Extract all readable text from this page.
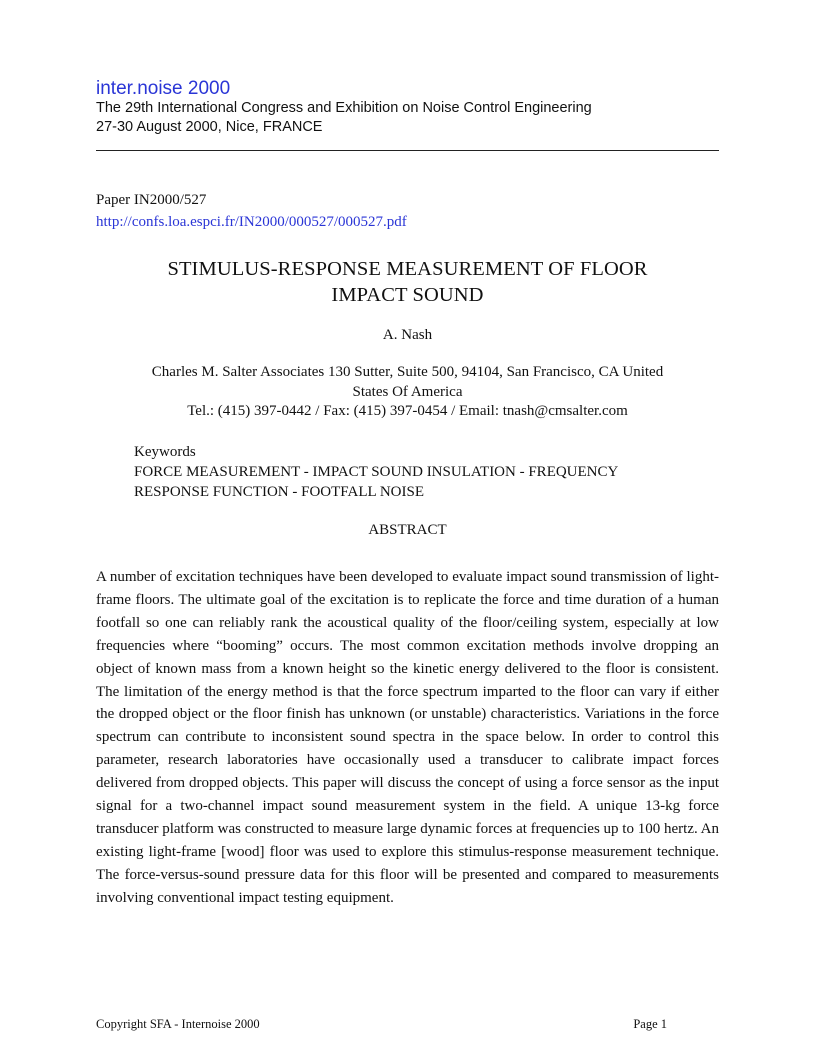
inter.noise 2000
The 29th International Congress and Exhibition on Noise Control Engineering
27-30 August 2000, Nice, FRANCE
Paper IN2000/527
http://confs.loa.espci.fr/IN2000/000527/000527.pdf
STIMULUS-RESPONSE MEASUREMENT OF FLOOR
IMPACT SOUND
A. Nash
Charles M. Salter Associates 130 Sutter, Suite 500, 94104, San Francisco, CA United
States Of America
Tel.: (415) 397-0442 / Fax: (415) 397-0454 / Email: tnash@cmsalter.com
Keywords
FORCE MEASUREMENT - IMPACT SOUND INSULATION - FREQUENCY
RESPONSE FUNCTION - FOOTFALL NOISE
ABSTRACT
A number of excitation techniques have been developed to evaluate impact sound transmission of light-frame floors. The ultimate goal of the excitation is to replicate the force and time duration of a human footfall so one can reliably rank the acoustical quality of the floor/ceiling system, especially at low frequencies where “booming” occurs. The most common excitation methods involve dropping an object of known mass from a known height so the kinetic energy delivered to the floor is consistent. The limitation of the energy method is that the force spectrum imparted to the floor can vary if either the dropped object or the floor finish has unknown (or unstable) characteristics. Variations in the force spectrum can contribute to inconsistent sound spectra in the space below. In order to control this parameter, research laboratories have occasionally used a transducer to calibrate impact forces delivered from dropped objects. This paper will discuss the concept of using a force sensor as the input signal for a two-channel impact sound measurement system in the field. A unique 13-kg force transducer platform was constructed to measure large dynamic forces at frequencies up to 100 hertz. An existing light-frame [wood] floor was used to explore this stimulus-response measurement technique. The force-versus-sound pressure data for this floor will be presented and compared to measurements involving conventional impact testing equipment.
Copyright SFA - Internoise 2000	Page 1
